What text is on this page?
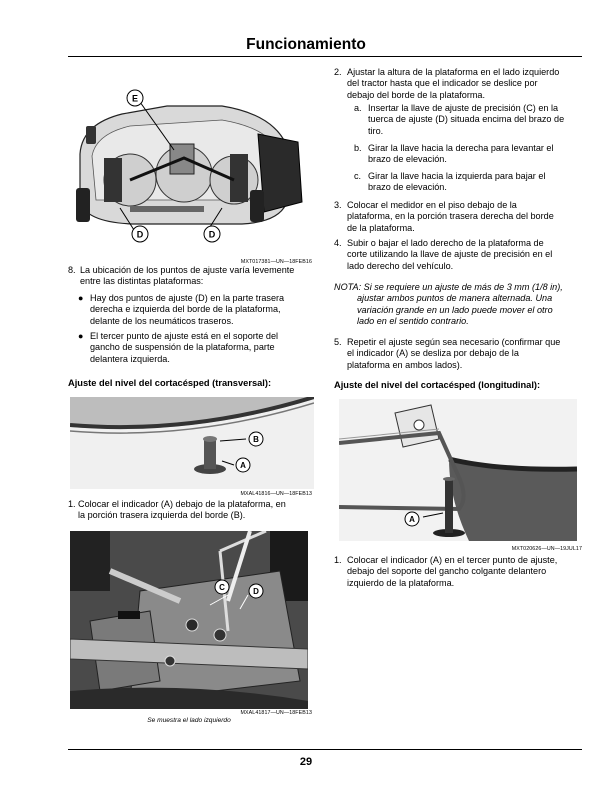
Funcionamiento
E
D	D
MXT017381—UN—18FEB16
8. La ubicación de los puntos de ajuste varía levemente
entre las distintas plataformas:
● Hay dos puntos de ajuste (D) en la parte trasera
derecha e izquierda del borde de la plataforma,
delante de los neumáticos traseros.
● El tercer punto de ajuste está en el soporte del
gancho de suspensión de la plataforma, parte
delantera izquierda.
Ajuste del nivel del cortacésped (transversal):
B
A
MXAL41816—UN—18FEB13
1. Colocar el indicador (A) debajo de la plataforma, en
la porción trasera izquierda del borde (B).
C	D
MXAL41817—UN—18FEB13
Se muestra el lado izquierdo
2. Ajustar la altura de la plataforma en el lado izquierdo
del tractor hasta que el indicador se deslice por
debajo del borde de la plataforma.
a. Insertar la llave de ajuste de precisión (C) en la
tuerca de ajuste (D) situada encima del brazo de
tiro.
b. Girar la llave hacia la derecha para levantar el
brazo de elevación.
c. Girar la llave hacia la izquierda para bajar el
brazo de elevación.
3. Colocar el medidor en el piso debajo de la
plataforma, en la porción trasera derecha del borde
de la plataforma.
4. Subir o bajar el lado derecho de la plataforma de
corte utilizando la llave de ajuste de precisión en el
lado derecho del vehículo.
NOTA: Si se requiere un ajuste de más de 3 mm (1/8 in),
ajustar ambos puntos de manera alternada. Una
variación grande en un lado puede mover el otro
lado en el sentido contrario.
5. Repetir el ajuste según sea necesario (confirmar que
el indicador (A) se desliza por debajo de la
plataforma en ambos lados).
Ajuste del nivel del cortacésped (longitudinal):
A
MXT020626—UN—19JUL17
1. Colocar el indicador (A) en el tercer punto de ajuste,
debajo del soporte del gancho colgante delantero
izquierdo de la plataforma.
29
